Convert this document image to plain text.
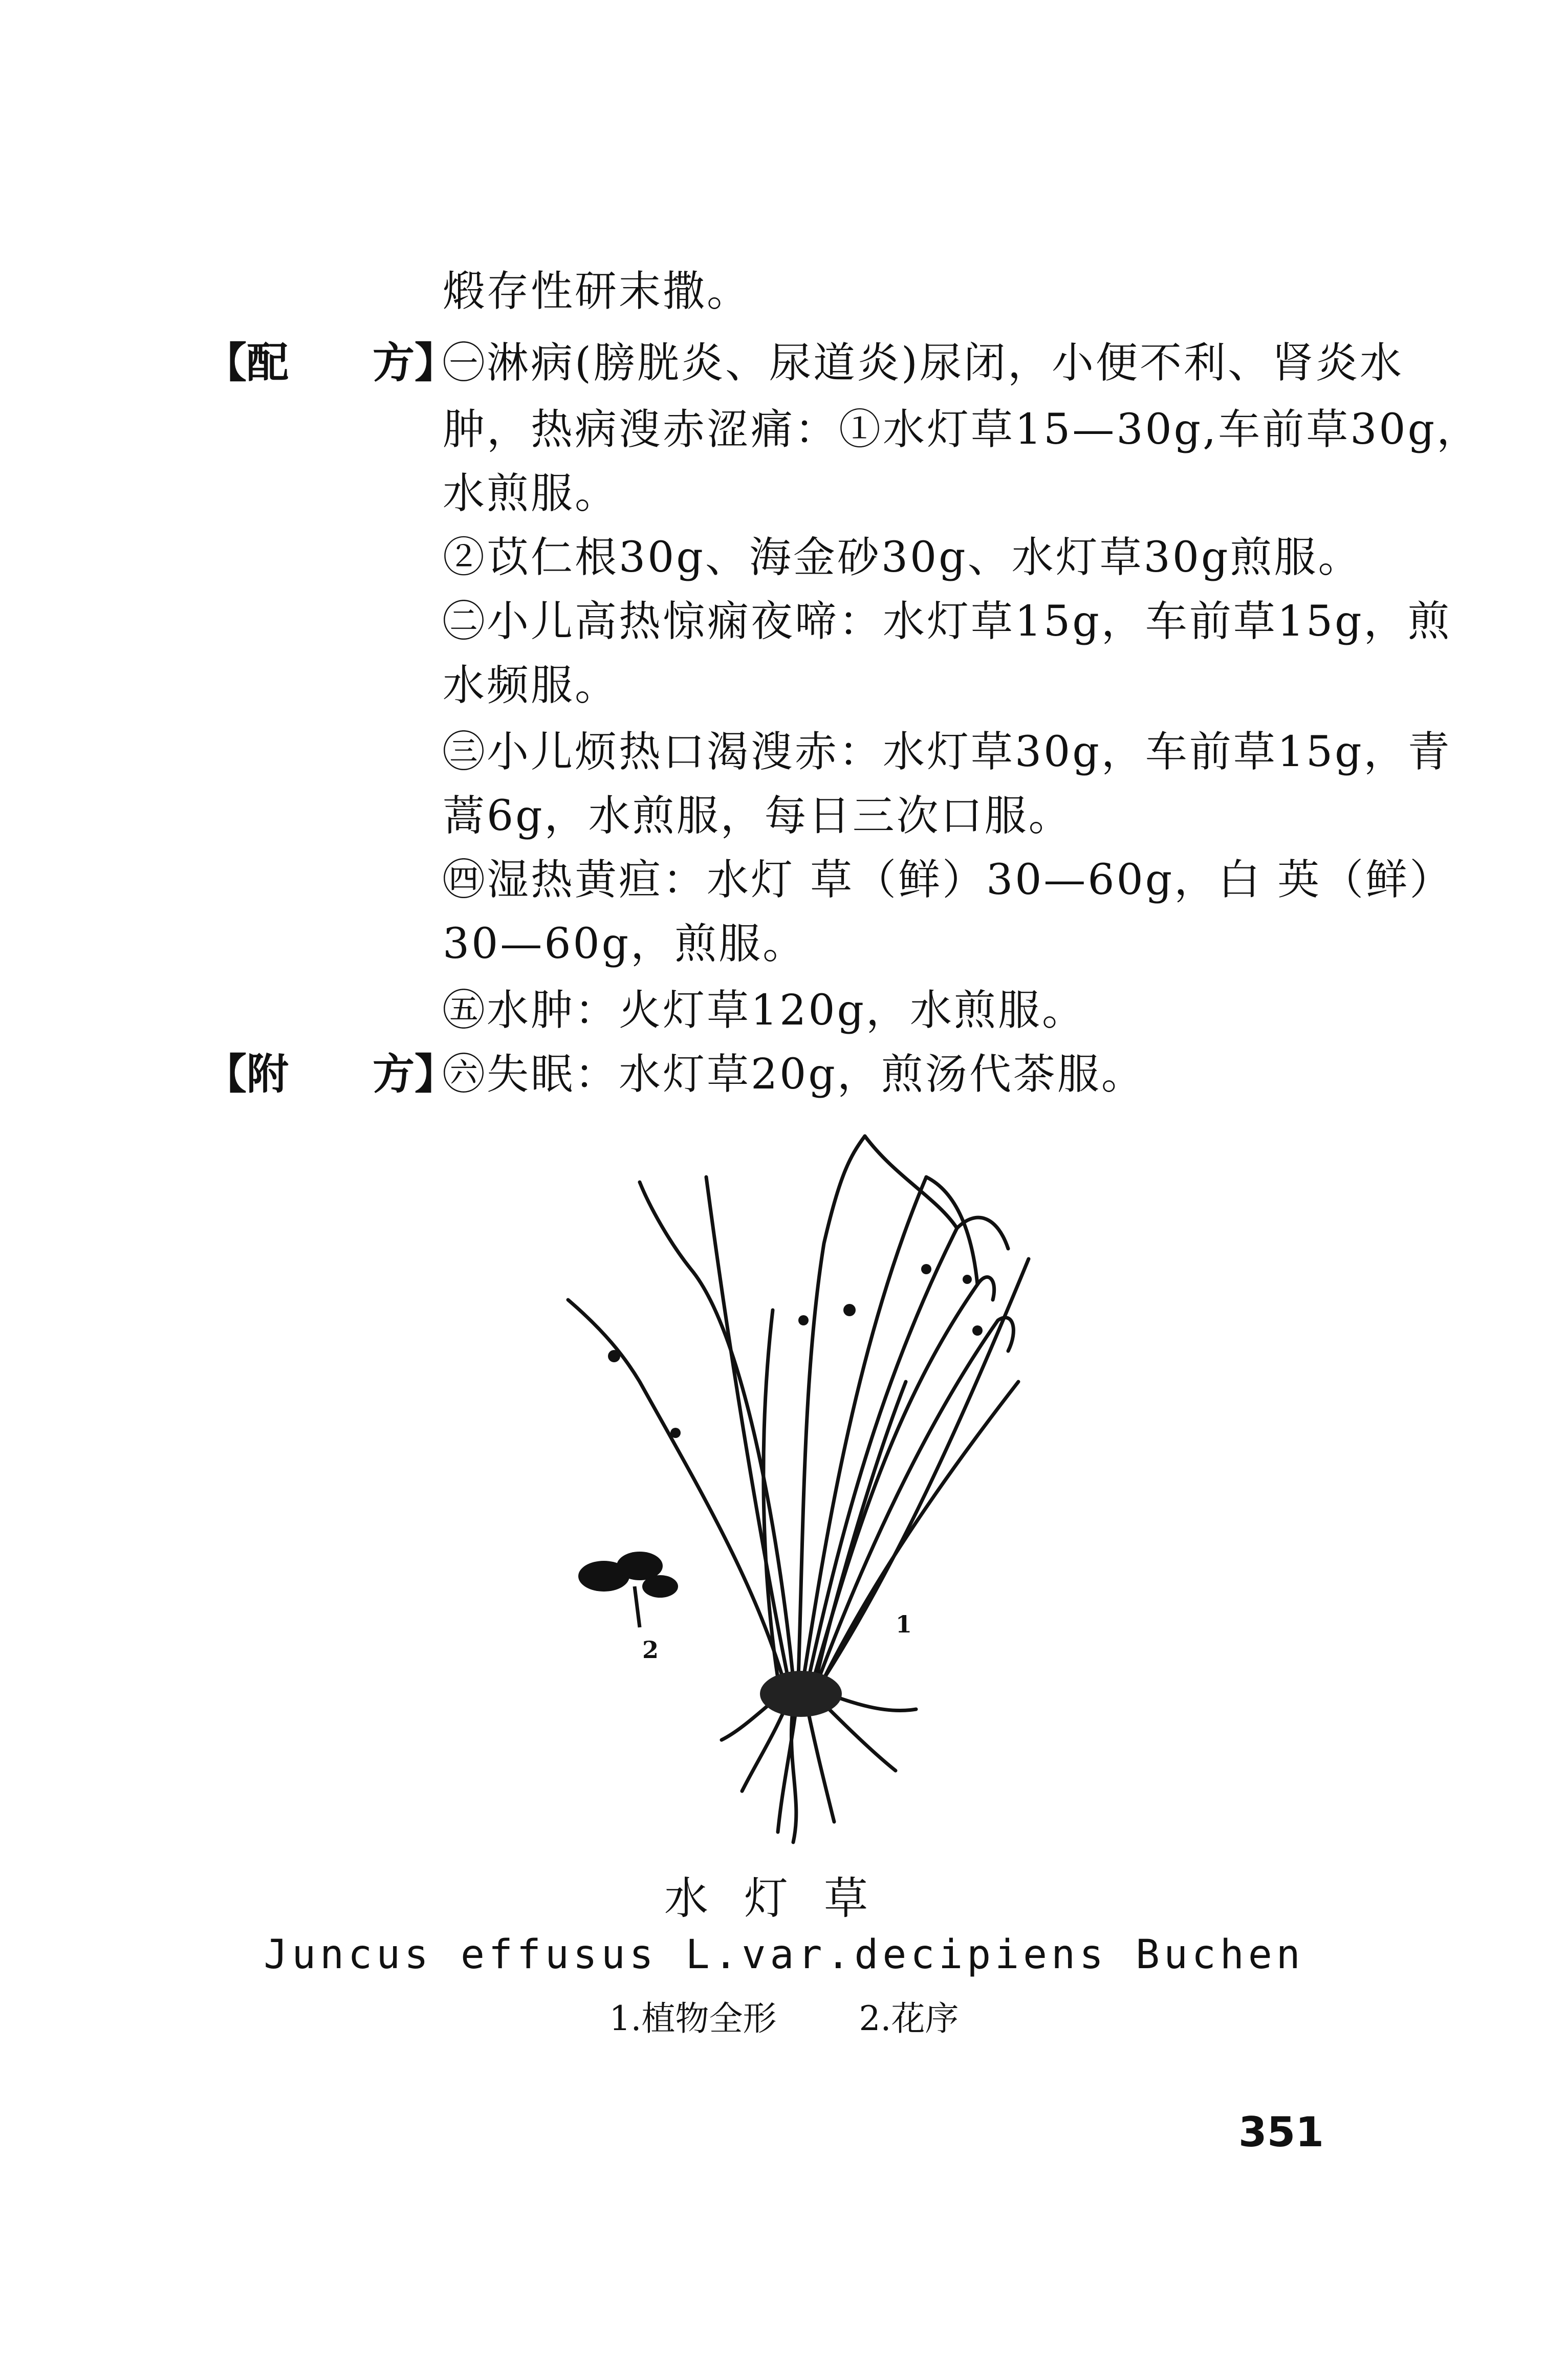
煅存性研末撒。
【配　　方】
㊀淋病(膀胱炎、尿道炎)尿闭，小便不利、肾炎水
肿，热病溲赤涩痛：①水灯草15—30g,车前草30g，
水煎服。
②苡仁根30g、海金砂30g、水灯草30g煎服。
㊁小儿高热惊痫夜啼：水灯草15g，车前草15g，煎
水频服。
㊂小儿烦热口渴溲赤：水灯草30g，车前草15g，青
蒿6g，水煎服，每日三次口服。
㊃湿热黄疸：水灯 草（鲜）30—60g，白 英（鲜）
30—60g，煎服。
㊄水肿：火灯草120g，水煎服。
【附　　方】
㊅失眠：水灯草20g，煎汤代茶服。
2
1
水灯草
Juncus effusus L.var.decipiens Buchen
1.植物全形 2.花序
351
